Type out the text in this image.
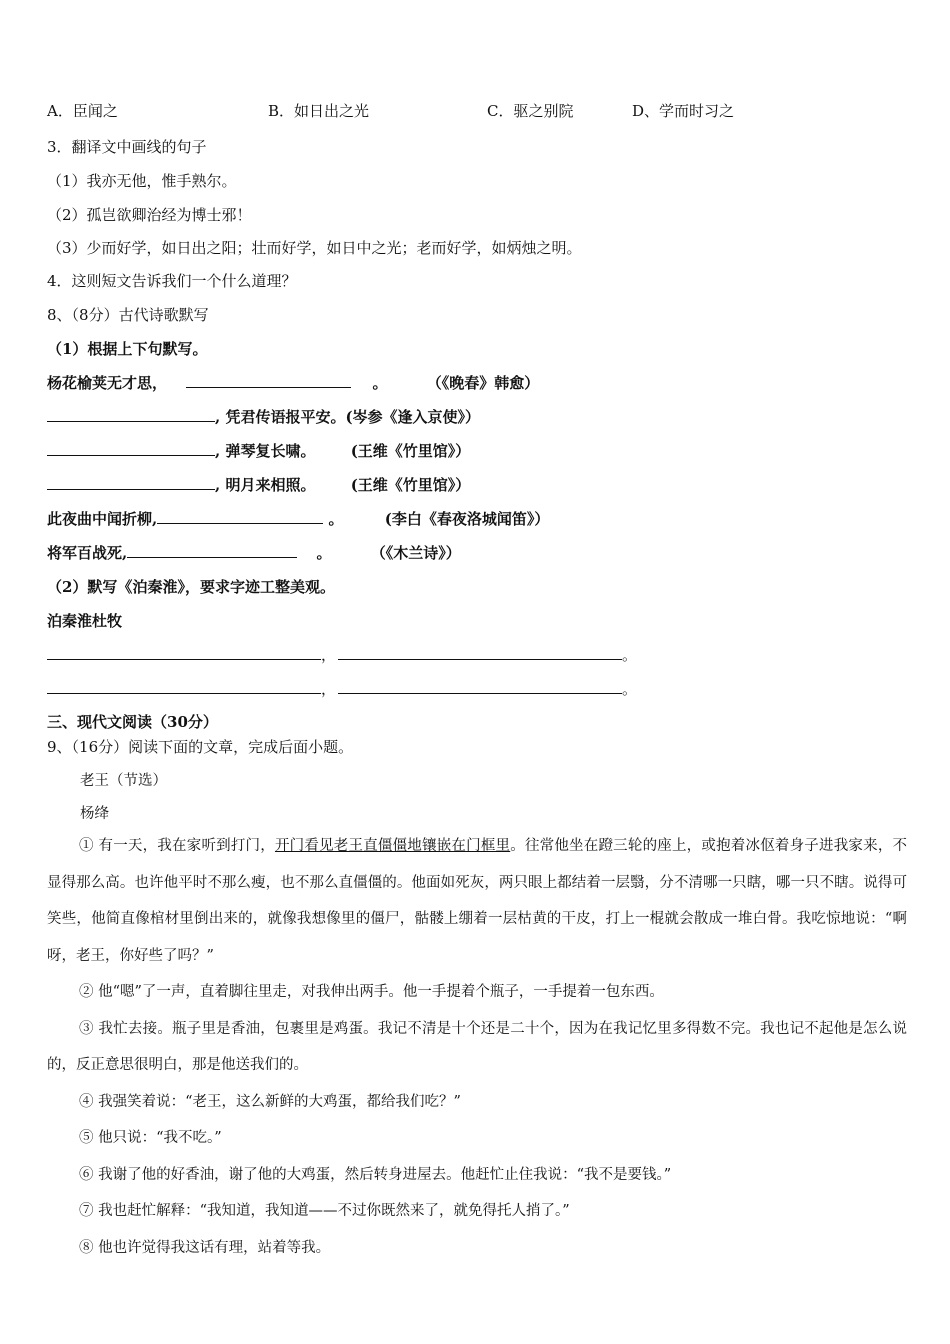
A．臣闻之	B．如日出之光	C．驱之别院	D、学而时习之
3．翻译文中画线的句子
（1）我亦无他，惟手熟尔。
（2）孤岂欲卿治经为博士邪！
（3）少而好学，如日出之阳；壮而好学，如日中之光；老而好学，如炳烛之明。
4．这则短文告诉我们一个什么道理？
8、（8分）古代诗歌默写
（1）根据上下句默写。
杨花榆荚无才思，	。	（《晚春》韩愈）
, 凭君传语报平安。(岑参《逢入京使》）
, 弹琴复长啸。 (王维《竹里馆》）
, 明月来相照。 (王维《竹里馆》）
此夜曲中闻折柳,	。	(李白《春夜洛城闻笛》）
将军百战死,	。	（《木兰诗》）
（2）默写《泊秦淮》，要求字迹工整美观。
泊秦淮杜牧
，	。
，	。
三、现代文阅读（30分）
9、（16分）阅读下面的文章，完成后面小题。
老王（节选）
杨绛

① 有一天，我在家听到打门，开门看见老王直僵僵地镶嵌在门框里。往常他坐在蹬三轮的座上，或抱着冰伛着身子进我家来，不显得那么高。也许他平时不那么瘦，也不那么直僵僵的。他面如死灰，两只眼上都结着一层翳，分不清哪一只瞎，哪一只不瞎。说得可笑些，他简直像棺材里倒出来的，就像我想像里的僵尸，骷髅上绷着一层枯黄的干皮，打上一棍就会散成一堆白骨。我吃惊地说：“啊呀，老王，你好些了吗？”

② 他“嗯”了一声，直着脚往里走，对我伸出两手。他一手提着个瓶子，一手提着一包东西。

③ 我忙去接。瓶子里是香油，包裹里是鸡蛋。我记不清是十个还是二十个，因为在我记忆里多得数不完。我也记不起他是怎么说的，反正意思很明白，那是他送我们的。

④ 我强笑着说：“老王，这么新鲜的大鸡蛋，都给我们吃？”

⑤ 他只说：“我不吃。”

⑥ 我谢了他的好香油，谢了他的大鸡蛋，然后转身进屋去。他赶忙止住我说：“我不是要钱。”

⑦ 我也赶忙解释：“我知道，我知道——不过你既然来了，就免得托人捎了。”

⑧ 他也许觉得我这话有理，站着等我。
